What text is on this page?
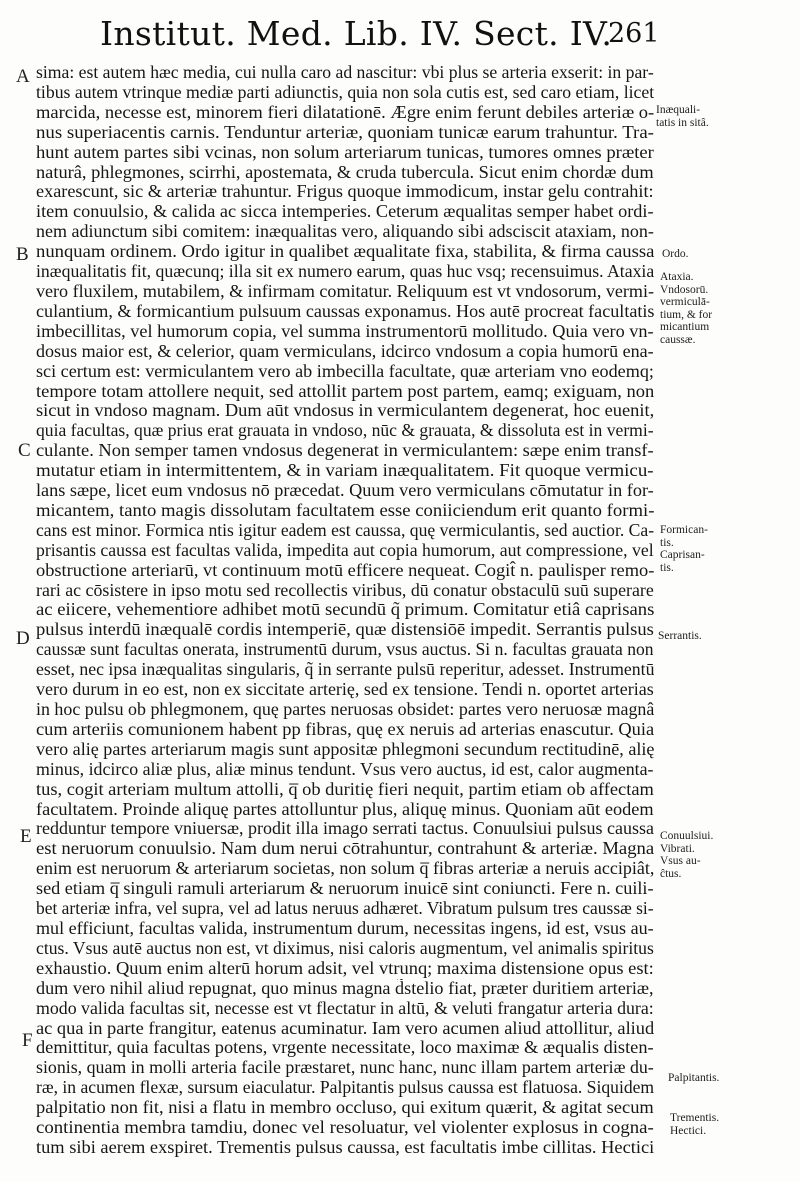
Institut. Med. Lib. IV. Sect. IV.
261
A
B
C
D
E
F
Inæquali-
tatis in sitâ.
Ordo.
Ataxia.
Vndosorū.
vermiculā-
tium, & for
micantium
caussæ.
Formican-
tis.
Caprisan-
tis.
Serrantis.
Conuulsiui.
Vibrati.
Vsus au-
ĉtus.
Palpitantis.
Trementis.
Hectici.
sima: est autem hæc media, cui nulla caro ad nascitur: vbi plus se arteria exserit: in par-
tibus autem vtrinque mediæ parti adiunctis, quia non sola cutis est, sed caro etiam, licet
marcida, necesse est, minorem fieri dilatationē. Ægre enim ferunt debiles arteriæ o-
nus superiacentis carnis. Tenduntur arteriæ, quoniam tunicæ earum trahuntur. Tra-
hunt autem partes sibi vcinas, non solum arteriarum tunicas, tumores omnes præter
naturâ, phlegmones, scirrhi, apostemata, & cruda tubercula. Sicut enim chordæ dum
exarescunt, sic & arteriæ trahuntur. Frigus quoque immodicum, instar gelu contrahit:
item conuulsio, & calida ac sicca intemperies. Ceterum æqualitas semper habet ordi-
nem adiunctum sibi comitem: inæqualitas vero, aliquando sibi adsciscit ataxiam, non-
nunquam ordinem. Ordo igitur in qualibet æqualitate fixa, stabilita, & firma caussa
inæqualitatis fit, quæcunq; illa sit ex numero earum, quas huc vsq; recensuimus. Ataxia
vero fluxilem, mutabilem, & infirmam comitatur. Reliquum est vt vndosorum, vermi-
culantium, & formicantium pulsuum caussas exponamus. Hos autē procreat facultatis
imbecillitas, vel humorum copia, vel summa instrumentorū mollitudo. Quia vero vn-
dosus maior est, & celerior, quam vermiculans, idcirco vndosum a copia humorū ena-
sci certum est: vermiculantem vero ab imbecilla facultate, quæ arteriam vno eodemq;
tempore totam attollere nequit, sed attollit partem post partem, eamq; exiguam, non
sicut in vndoso magnam. Dum aūt vndosus in vermiculantem degenerat, hoc euenit,
quia facultas, quæ prius erat grauata in vndoso, nūc & grauata, & dissoluta est in vermi-
culante. Non semper tamen vndosus degenerat in vermiculantem: sæpe enim transf-
mutatur etiam in intermittentem, & in variam inæqualitatem. Fit quoque vermicu-
lans sæpe, licet eum vndosus nō præcedat. Quum vero vermiculans cōmutatur in for-
micantem, tanto magis dissolutam facultatem esse coniiciendum erit quanto formi-
cans est minor. Formica ntis igitur eadem est caussa, quę vermiculantis, sed auctior. Ca-
prisantis caussa est facultas valida, impedita aut copia humorum, aut compressione, vel
obstructione arteriarū, vt continuum motū efficere nequeat. Cogit̂ n. paulisper remo-
rari ac cōsistere in ipso motu sed recollectis viribus, dū conatur obstaculū suū superare
ac eiicere, vehementiore adhibet motū secundū q̃ primum. Comitatur etiâ caprisans
pulsus interdū inæqualē cordis intemperiē, quæ distensiōē impedit. Serrantis pulsus
caussæ sunt facultas onerata, instrumentū durum, vsus auctus. Si n. facultas grauata non
esset, nec ipsa inæqualitas singularis, q̃ in serrante pulsū reperitur, adesset. Instrumentū
vero durum in eo est, non ex siccitate arterię, sed ex tensione. Tendi n. oportet arterias
in hoc pulsu ob phlegmonem, quę partes neruosas obsidet: partes vero neruosæ magnâ
cum arteriis comunionem habent pp fibras, quę ex neruis ad arterias enascutur. Quia
vero alię partes arteriarum magis sunt appositæ phlegmoni secundum rectitudinē, alię
minus, idcirco aliæ plus, aliæ minus tendunt. Vsus vero auctus, id est, calor augmenta-
tus, cogit arteriam multum attolli, q̅ ob duritię fieri nequit, partim etiam ob affectam
facultatem. Proinde aliquę partes attolluntur plus, aliquę minus. Quoniam aūt eodem
redduntur tempore vniuersæ, prodit illa imago serrati tactus. Conuulsiui pulsus caussa
est neruorum conuulsio. Nam dum nerui cōtrahuntur, contrahunt & arteriæ. Magna
enim est neruorum & arteriarum societas, non solum q̅ fibras arteriæ a neruis accipiât,
sed etiam q̅ singuli ramuli arteriarum & neruorum inuicē sint coniuncti. Fere n. cuili-
bet arteriæ infra, vel supra, vel ad latus neruus adhæret. Vibratum pulsum tres caussæ si-
mul efficiunt, facultas valida, instrumentum durum, necessitas ingens, id est, vsus au-
ctus. Vsus autē auctus non est, vt diximus, nisi caloris augmentum, vel animalis spiritus
exhaustio. Quum enim alterū horum adsit, vel vtrunq; maxima distensione opus est:
dum vero nihil aliud repugnat, quo minus magna d̃stelio fiat, præter duritiem arteriæ,
modo valida facultas sit, necesse est vt flectatur in altū, & veluti frangatur arteria dura:
ac qua in parte frangitur, eatenus acuminatur. Iam vero acumen aliud attollitur, aliud
demittitur, quia facultas potens, vrgente necessitate, loco maximæ & æqualis disten-
sionis, quam in molli arteria facile præstaret, nunc hanc, nunc illam partem arteriæ du-
ræ, in acumen flexæ, sursum eiaculatur. Palpitantis pulsus caussa est flatuosa. Siquidem
palpitatio non fit, nisi a flatu in membro occluso, qui exitum quærit, & agitat secum
continentia membra tamdiu, donec vel resoluatur, vel violenter explosus in cogna-
tum sibi aerem exspiret. Trementis pulsus caussa, est facultatis imbe cillitas. Hectici
